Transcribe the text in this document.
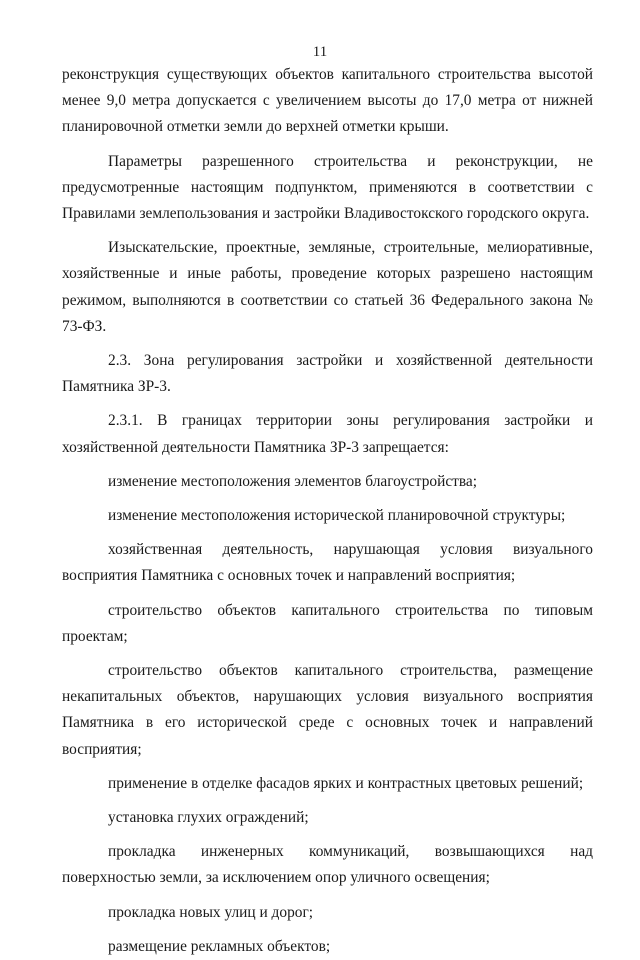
11

реконструкция существующих объектов капитального строительства высотой менее 9,0 метра допускается с увеличением высоты до 17,0 метра от нижней планировочной отметки земли до верхней отметки крыши.

Параметры разрешенного строительства и реконструкции, не предусмотренные настоящим подпунктом, применяются в соответствии с Правилами землепользования и застройки Владивостокского городского округа.

Изыскательские, проектные, земляные, строительные, мелиоративные, хозяйственные и иные работы, проведение которых разрешено настоящим режимом, выполняются в соответствии со статьей 36 Федерального закона № 73-ФЗ.

2.3. Зона регулирования застройки и хозяйственной деятельности Памятника ЗР-3.

2.3.1. В границах территории зоны регулирования застройки и хозяйственной деятельности Памятника ЗР-3 запрещается:

изменение местоположения элементов благоустройства;

изменение местоположения исторической планировочной структуры;

хозяйственная деятельность, нарушающая условия визуального восприятия Памятника с основных точек и направлений восприятия;

строительство объектов капитального строительства по типовым проектам;

строительство объектов капитального строительства, размещение некапитальных объектов, нарушающих условия визуального восприятия Памятника в его исторической среде с основных точек и направлений восприятия;

применение в отделке фасадов ярких и контрастных цветовых решений;

установка глухих ограждений;

прокладка инженерных коммуникаций, возвышающихся над поверхностью земли, за исключением опор уличного освещения;

прокладка новых улиц и дорог;

размещение рекламных объектов;
